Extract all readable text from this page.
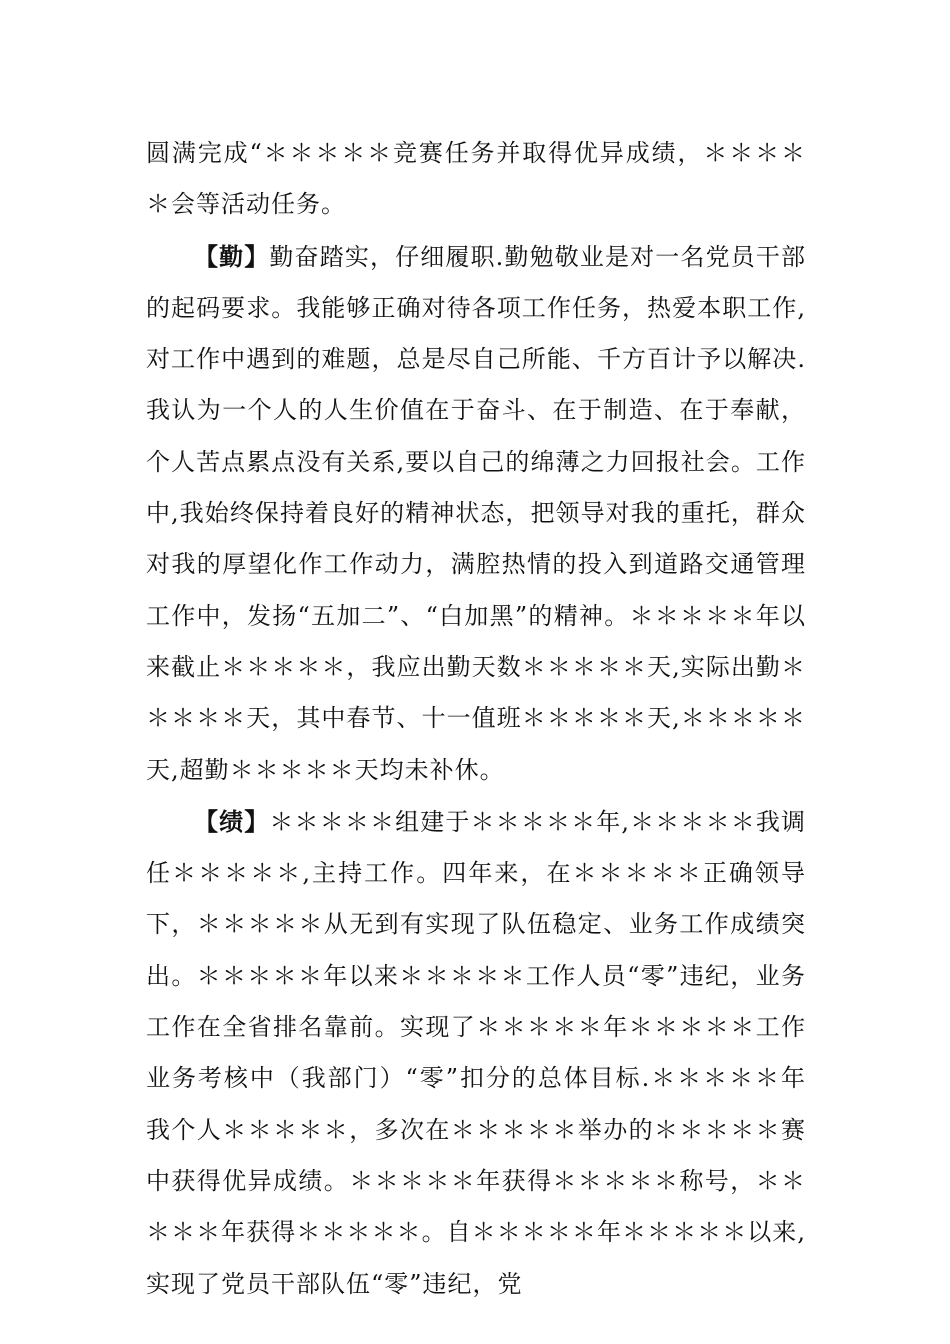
圆满完成“＊＊＊＊＊竞赛任务并取得优异成绩，＊＊＊＊＊会等活动任务。

【勤】勤奋踏实，仔细履职.勤勉敬业是对一名党员干部的起码要求。我能够正确对待各项工作任务，热爱本职工作,对工作中遇到的难题，总是尽自己所能、千方百计予以解决.我认为一个人的人生价值在于奋斗、在于制造、在于奉献，个人苦点累点没有关系,要以自己的绵薄之力回报社会。工作中,我始终保持着良好的精神状态，把领导对我的重托，群众对我的厚望化作工作动力，满腔热情的投入到道路交通管理工作中，发扬“五加二”、“白加黑”的精神。＊＊＊＊＊年以来截止＊＊＊＊＊，我应出勤天数＊＊＊＊＊天,实际出勤＊＊＊＊＊天，其中春节、十一值班＊＊＊＊＊天,＊＊＊＊＊天,超勤＊＊＊＊＊天均未补休。

【绩】＊＊＊＊＊组建于＊＊＊＊＊年,＊＊＊＊＊我调任＊＊＊＊＊,主持工作。四年来，在＊＊＊＊＊正确领导下，＊＊＊＊＊从无到有实现了队伍稳定、业务工作成绩突出。＊＊＊＊＊年以来＊＊＊＊＊工作人员“零”违纪，业务工作在全省排名靠前。实现了＊＊＊＊＊年＊＊＊＊＊工作业务考核中（我部门）“零”扣分的总体目标.＊＊＊＊＊年我个人＊＊＊＊＊，多次在＊＊＊＊＊举办的＊＊＊＊＊赛中获得优异成绩。＊＊＊＊＊年获得＊＊＊＊＊称号，＊＊＊＊＊年获得＊＊＊＊＊。自＊＊＊＊＊年＊＊＊＊＊以来,实现了党员干部队伍“零”违纪，党
